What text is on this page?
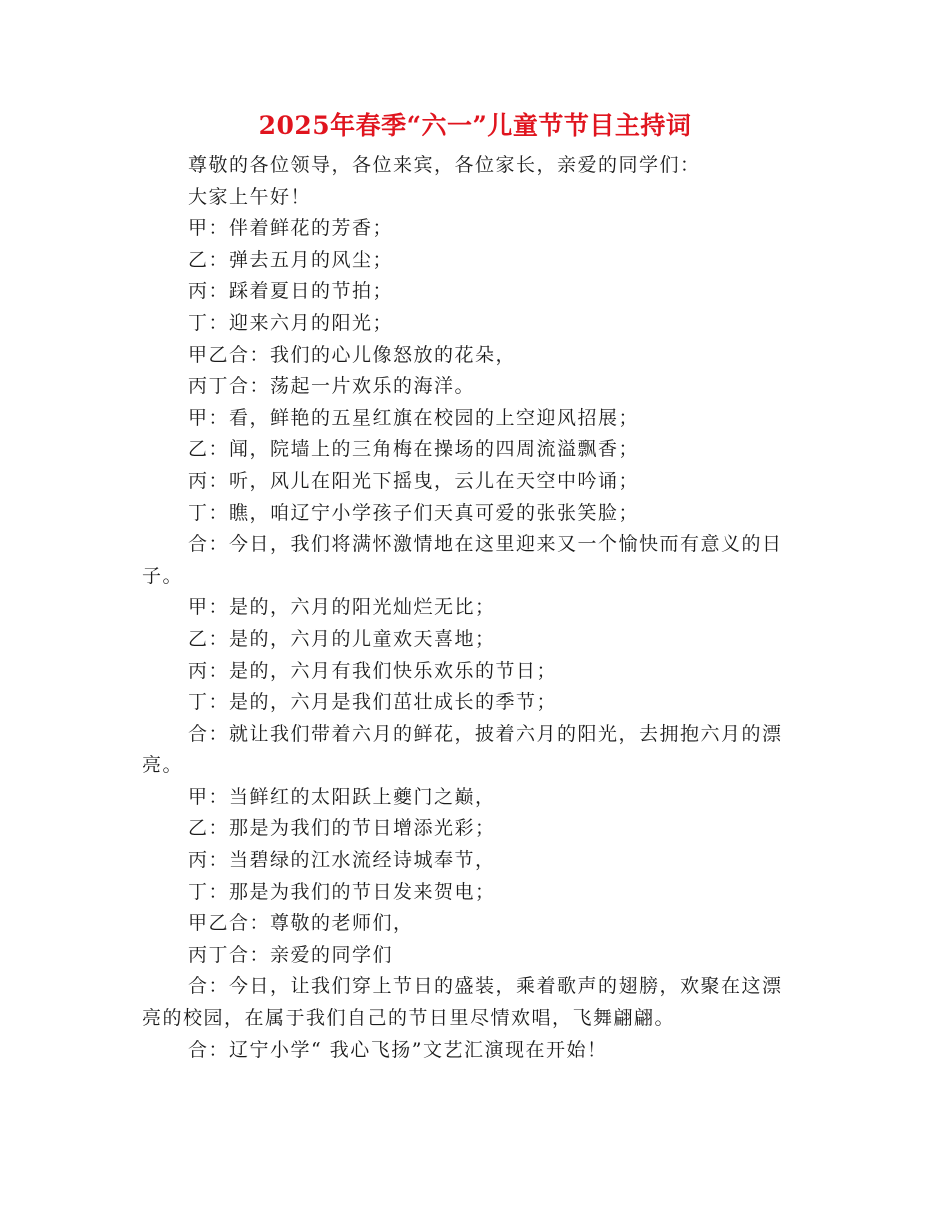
2025年春季“六一”儿童节节目主持词

尊敬的各位领导，各位来宾，各位家长，亲爱的同学们：

大家上午好！

甲：伴着鲜花的芳香；

乙：弹去五月的风尘；

丙：踩着夏日的节拍；

丁：迎来六月的阳光；

甲乙合：我们的心儿像怒放的花朵，

丙丁合：荡起一片欢乐的海洋。

甲：看，鲜艳的五星红旗在校园的上空迎风招展；

乙：闻，院墙上的三角梅在操场的四周流溢飘香；

丙：听，风儿在阳光下摇曳，云儿在天空中吟诵；

丁：瞧，咱辽宁小学孩子们天真可爱的张张笑脸；

合：今日，我们将满怀激情地在这里迎来又一个愉快而有意义的日子。

甲：是的，六月的阳光灿烂无比；

乙：是的，六月的儿童欢天喜地；

丙：是的，六月有我们快乐欢乐的节日；

丁：是的，六月是我们茁壮成长的季节；

合：就让我们带着六月的鲜花，披着六月的阳光，去拥抱六月的漂亮。

甲：当鲜红的太阳跃上夔门之巅，

乙：那是为我们的节日增添光彩；

丙：当碧绿的江水流经诗城奉节，

丁：那是为我们的节日发来贺电；

甲乙合：尊敬的老师们，

丙丁合：亲爱的同学们

合：今日，让我们穿上节日的盛装，乘着歌声的翅膀，欢聚在这漂亮的校园，在属于我们自己的节日里尽情欢唱，飞舞翩翩。

合：辽宁小学“ 我心飞扬”文艺汇演现在开始！
